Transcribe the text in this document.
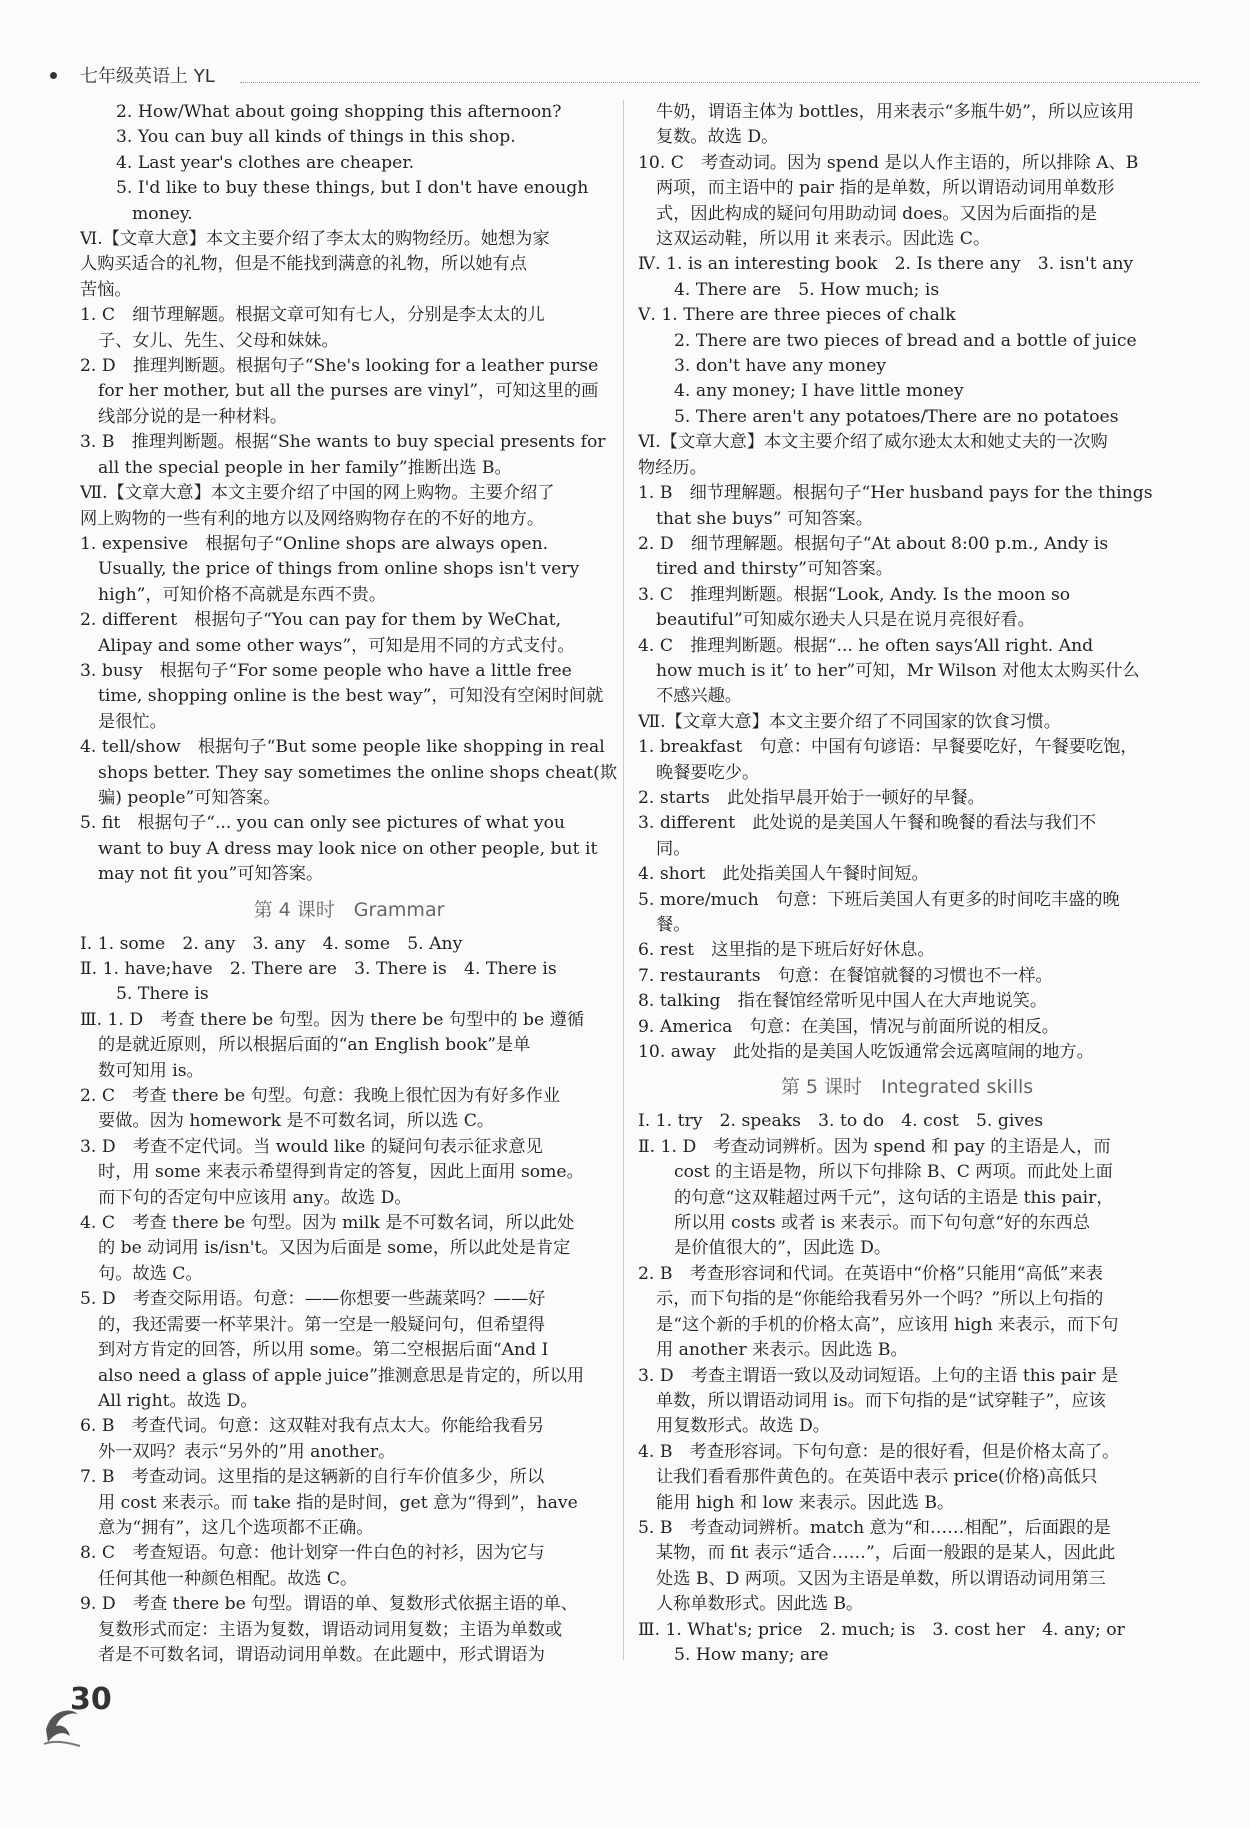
七年级英语上 YL
2. How/What about going shopping this afternoon?
3. You can buy all kinds of things in this shop.
4. Last year's clothes are cheaper.
5. I'd like to buy these things, but I don't have enough
money.
Ⅵ.【文章大意】本文主要介绍了李太太的购物经历。她想为家
人购买适合的礼物，但是不能找到满意的礼物，所以她有点
苦恼。
1. C　细节理解题。根据文章可知有七人，分别是李太太的儿
子、女儿、先生、父母和妹妹。
2. D　推理判断题。根据句子“She's looking for a leather purse
for her mother, but all the purses are vinyl”，可知这里的画
线部分说的是一种材料。
3. B　推理判断题。根据“She wants to buy special presents for
all the special people in her family”推断出选 B。
Ⅶ.【文章大意】本文主要介绍了中国的网上购物。主要介绍了
网上购物的一些有利的地方以及网络购物存在的不好的地方。
1. expensive　根据句子“Online shops are always open.
Usually, the price of things from online shops isn't very
high”，可知价格不高就是东西不贵。
2. different　根据句子“You can pay for them by WeChat,
Alipay and some other ways”，可知是用不同的方式支付。
3. busy　根据句子“For some people who have a little free
time, shopping online is the best way”，可知没有空闲时间就
是很忙。
4. tell/show　根据句子“But some people like shopping in real
shops better. They say sometimes the online shops cheat(欺
骗) people”可知答案。
5. fit　根据句子“... you can only see pictures of what you
want to buy A dress may look nice on other people, but it
may not fit you”可知答案。
第 4 课时　Grammar
Ⅰ. 1. some　2. any　3. any　4. some　5. Any
Ⅱ. 1. have;have　2. There are　3. There is　4. There is
5. There is
Ⅲ. 1. D　考查 there be 句型。因为 there be 句型中的 be 遵循
的是就近原则，所以根据后面的“an English book”是单
数可知用 is。
2. C　考查 there be 句型。句意：我晚上很忙因为有好多作业
要做。因为 homework 是不可数名词，所以选 C。
3. D　考查不定代词。当 would like 的疑问句表示征求意见
时，用 some 来表示希望得到肯定的答复，因此上面用 some。
而下句的否定句中应该用 any。故选 D。
4. C　考查 there be 句型。因为 milk 是不可数名词，所以此处
的 be 动词用 is/isn't。又因为后面是 some，所以此处是肯定
句。故选 C。
5. D　考查交际用语。句意：——你想要一些蔬菜吗？——好
的，我还需要一杯苹果汁。第一空是一般疑问句，但希望得
到对方肯定的回答，所以用 some。第二空根据后面“And I
also need a glass of apple juice”推测意思是肯定的，所以用
All right。故选 D。
6. B　考查代词。句意：这双鞋对我有点太大。你能给我看另
外一双吗？表示“另外的”用 another。
7. B　考查动词。这里指的是这辆新的自行车价值多少，所以
用 cost 来表示。而 take 指的是时间，get 意为“得到”，have
意为“拥有”，这几个选项都不正确。
8. C　考查短语。句意：他计划穿一件白色的衬衫，因为它与
任何其他一种颜色相配。故选 C。
9. D　考查 there be 句型。谓语的单、复数形式依据主语的单、
复数形式而定：主语为复数，谓语动词用复数；主语为单数或
者是不可数名词，谓语动词用单数。在此题中，形式谓语为
牛奶，谓语主体为 bottles，用来表示“多瓶牛奶”，所以应该用
复数。故选 D。
10. C　考查动词。因为 spend 是以人作主语的，所以排除 A、B
两项，而主语中的 pair 指的是单数，所以谓语动词用单数形
式，因此构成的疑问句用助动词 does。又因为后面指的是
这双运动鞋，所以用 it 来表示。因此选 C。
Ⅳ. 1. is an interesting book　2. Is there any　3. isn't any
4. There are　5. How much; is
Ⅴ. 1. There are three pieces of chalk
2. There are two pieces of bread and a bottle of juice
3. don't have any money
4. any money; I have little money
5. There aren't any potatoes/There are no potatoes
Ⅵ.【文章大意】本文主要介绍了威尔逊太太和她丈夫的一次购
物经历。
1. B　细节理解题。根据句子“Her husband pays for the things
that she buys” 可知答案。
2. D　细节理解题。根据句子“At about 8:00 p.m., Andy is
tired and thirsty”可知答案。
3. C　推理判断题。根据“Look, Andy. Is the moon so
beautiful”可知威尔逊夫人只是在说月亮很好看。
4. C　推理判断题。根据“... he often says‘All right. And
how much is it’ to her”可知，Mr Wilson 对他太太购买什么
不感兴趣。
Ⅶ.【文章大意】本文主要介绍了不同国家的饮食习惯。
1. breakfast　句意：中国有句谚语：早餐要吃好，午餐要吃饱，
晚餐要吃少。
2. starts　此处指早晨开始于一顿好的早餐。
3. different　此处说的是美国人午餐和晚餐的看法与我们不
同。
4. short　此处指美国人午餐时间短。
5. more/much　句意：下班后美国人有更多的时间吃丰盛的晚
餐。
6. rest　这里指的是下班后好好休息。
7. restaurants　句意：在餐馆就餐的习惯也不一样。
8. talking　指在餐馆经常听见中国人在大声地说笑。
9. America　句意：在美国，情况与前面所说的相反。
10. away　此处指的是美国人吃饭通常会远离喧闹的地方。
第 5 课时　Integrated skills
Ⅰ. 1. try　2. speaks　3. to do　4. cost　5. gives
Ⅱ. 1. D　考查动词辨析。因为 spend 和 pay 的主语是人，而
cost 的主语是物，所以下句排除 B、C 两项。而此处上面
的句意“这双鞋超过两千元”，这句话的主语是 this pair，
所以用 costs 或者 is 来表示。而下句句意“好的东西总
是价值很大的”，因此选 D。
2. B　考查形容词和代词。在英语中“价格”只能用“高低”来表
示，而下句指的是“你能给我看另外一个吗？”所以上句指的
是“这个新的手机的价格太高”，应该用 high 来表示，而下句
用 another 来表示。因此选 B。
3. D　考查主谓语一致以及动词短语。上句的主语 this pair 是
单数，所以谓语动词用 is。而下句指的是“试穿鞋子”，应该
用复数形式。故选 D。
4. B　考查形容词。下句句意：是的很好看，但是价格太高了。
让我们看看那件黄色的。在英语中表示 price(价格)高低只
能用 high 和 low 来表示。因此选 B。
5. B　考查动词辨析。match 意为“和……相配”，后面跟的是
某物，而 fit 表示“适合……”，后面一般跟的是某人，因此此
处选 B、D 两项。又因为主语是单数，所以谓语动词用第三
人称单数形式。因此选 B。
Ⅲ. 1. What's; price　2. much; is　3. cost her　4. any; or
5. How many; are
30
